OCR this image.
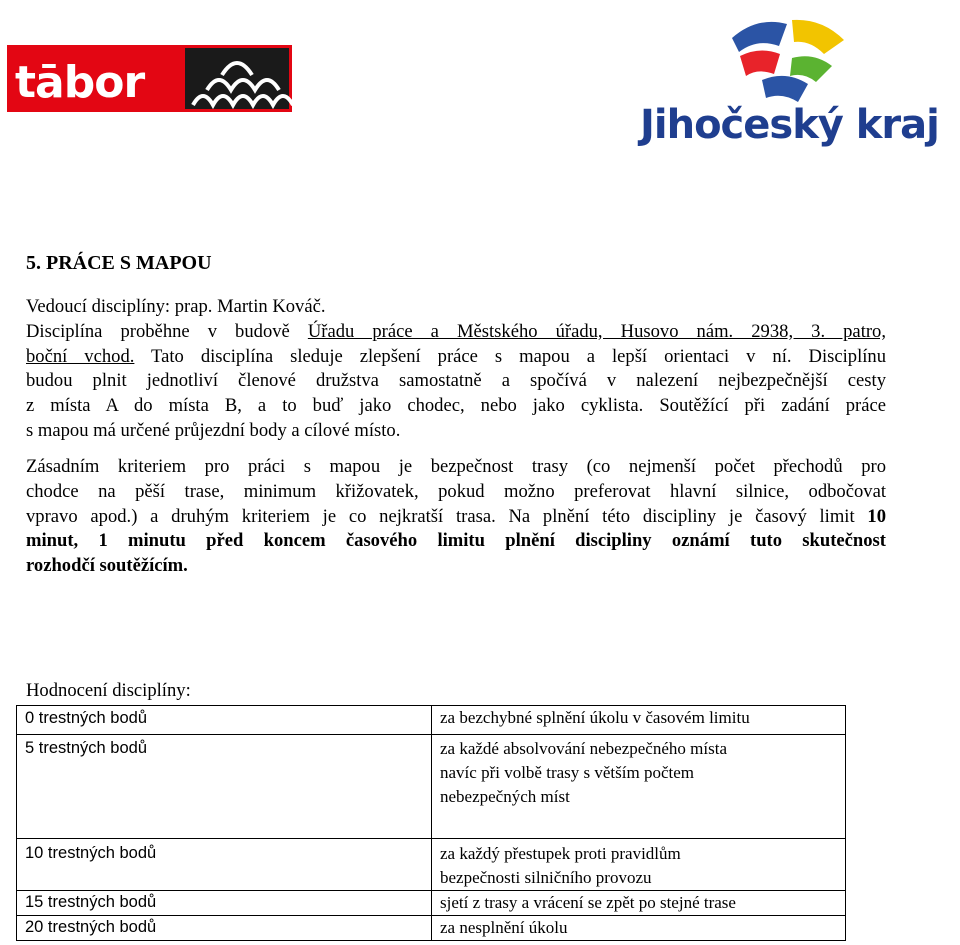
tābor
Jihočeský kraj
5. PRÁCE S MAPOU
Vedoucí disciplíny: prap. Martin Kováč.
Disciplína proběhne v budově Úřadu práce a Městského úřadu, Husovo nám. 2938, 3. patro,
boční vchod. Tato disciplína sleduje zlepšení práce s mapou a lepší orientaci v ní. Disciplínu
budou plnit jednotliví členové družstva samostatně a spočívá v nalezení nejbezpečnější cesty
z místa A do místa B, a to buď jako chodec, nebo jako cyklista. Soutěžící při zadání práce
s mapou má určené průjezdní body a cílové místo.
Zásadním kriteriem pro práci s mapou je bezpečnost trasy (co nejmenší počet přechodů pro
chodce na pěší trase, minimum křižovatek, pokud možno preferovat hlavní silnice, odbočovat
vpravo apod.) a druhým kriteriem je co nejkratší trasa. Na plnění této discipliny je časový limit 10
minut, 1 minutu před koncem časového limitu plnění discipliny oznámí tuto skutečnost
rozhodčí soutěžícím.
Hodnocení disciplíny:
0 trestných bodů	za bezchybné splnění úkolu v časovém limitu
5 trestných bodů	za každé absolvování nebezpečného místa
navíc při volbě trasy s větším počtem
nebezpečných míst
10 trestných bodů	za každý přestupek proti pravidlům
bezpečnosti silničního provozu
15 trestných bodů	sjetí z trasy a vrácení se zpět po stejné trase
20 trestných bodů	za nesplnění úkolu
